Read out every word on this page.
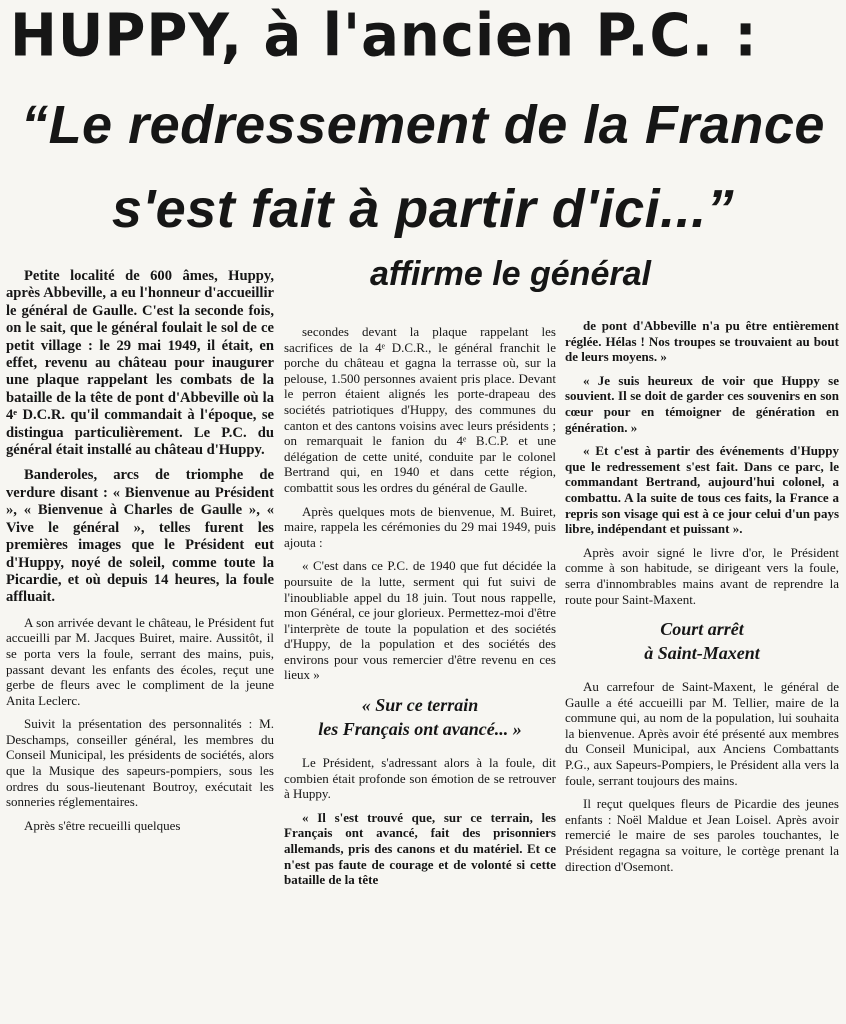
HUPPY, à l'ancien P.C. :
“Le redressement de la France
s'est fait à partir d'ici...”
affirme le général

Petite localité de 600 âmes, Huppy, après Abbeville, a eu l'honneur d'accueillir le général de Gaulle. C'est la seconde fois, on le sait, que le général foulait le sol de ce petit village : le 29 mai 1949, il était, en effet, revenu au château pour inaugurer une plaque rappelant les combats de la bataille de la tête de pont d'Abbeville où la 4ᵉ D.C.R. qu'il commandait à l'époque, se distingua particulièrement. Le P.C. du général était installé au château d'Huppy.

Banderoles, arcs de triomphe de verdure disant : « Bienvenue au Président », « Bienvenue à Charles de Gaulle », « Vive le général », telles furent les premières images que le Président eut d'Huppy, noyé de soleil, comme toute la Picardie, et où depuis 14 heures, la foule affluait.

A son arrivée devant le château, le Président fut accueilli par M. Jacques Buiret, maire. Aussitôt, il se porta vers la foule, serrant des mains, puis, passant devant les enfants des écoles, reçut une gerbe de fleurs avec le compliment de la jeune Anita Leclerc.

Suivit la présentation des personnalités : M. Deschamps, conseiller général, les membres du Conseil Municipal, les présidents de sociétés, alors que la Musique des sapeurs-pompiers, sous les ordres du sous-lieutenant Boutroy, exécutait les sonneries réglementaires.

Après s'être recueilli quelques

secondes devant la plaque rappelant les sacrifices de la 4ᵉ D.C.R., le général franchit le porche du château et gagna la terrasse où, sur la pelouse, 1.500 personnes avaient pris place. Devant le perron étaient alignés les porte-drapeau des sociétés patriotiques d'Huppy, des communes du canton et des cantons voisins avec leurs présidents ; on remarquait le fanion du 4ᵉ B.C.P. et une délégation de cette unité, conduite par le colonel Bertrand qui, en 1940 et dans cette région, combattit sous les ordres du général de Gaulle.

Après quelques mots de bienvenue, M. Buiret, maire, rappela les cérémonies du 29 mai 1949, puis ajouta :

« C'est dans ce P.C. de 1940 que fut décidée la poursuite de la lutte, serment qui fut suivi de l'inoubliable appel du 18 juin. Tout nous rappelle, mon Général, ce jour glorieux. Permettez-moi d'être l'interprète de toute la population et des sociétés d'Huppy, de la population et des sociétés des environs pour vous remercier d'être revenu en ces lieux »

« Sur ce terrain
les Français ont avancé... »

Le Président, s'adressant alors à la foule, dit combien était profonde son émotion de se retrouver à Huppy.

« Il s'est trouvé que, sur ce terrain, les Français ont avancé, fait des prisonniers allemands, pris des canons et du matériel. Et ce n'est pas faute de courage et de volonté si cette bataille de la tête

de pont d'Abbeville n'a pu être entièrement réglée. Hélas ! Nos troupes se trouvaient au bout de leurs moyens. »

« Je suis heureux de voir que Huppy se souvient. Il se doit de garder ces souvenirs en son cœur pour en témoigner de génération en génération. »

« Et c'est à partir des événements d'Huppy que le redressement s'est fait. Dans ce parc, le commandant Bertrand, aujourd'hui colonel, a combattu. A la suite de tous ces faits, la France a repris son visage qui est à ce jour celui d'un pays libre, indépendant et puissant ».

Après avoir signé le livre d'or, le Président comme à son habitude, se dirigeant vers la foule, serra d'innombrables mains avant de reprendre la route pour Saint-Maxent.

Court arrêt
à Saint-Maxent

Au carrefour de Saint-Maxent, le général de Gaulle a été accueilli par M. Tellier, maire de la commune qui, au nom de la population, lui souhaita la bienvenue. Après avoir été présenté aux membres du Conseil Municipal, aux Anciens Combattants P.G., aux Sapeurs-Pompiers, le Président alla vers la foule, serrant toujours des mains.

Il reçut quelques fleurs de Picardie des jeunes enfants : Noël Maldue et Jean Loisel. Après avoir remercié le maire de ses paroles touchantes, le Président regagna sa voiture, le cortège prenant la direction d'Osemont.
